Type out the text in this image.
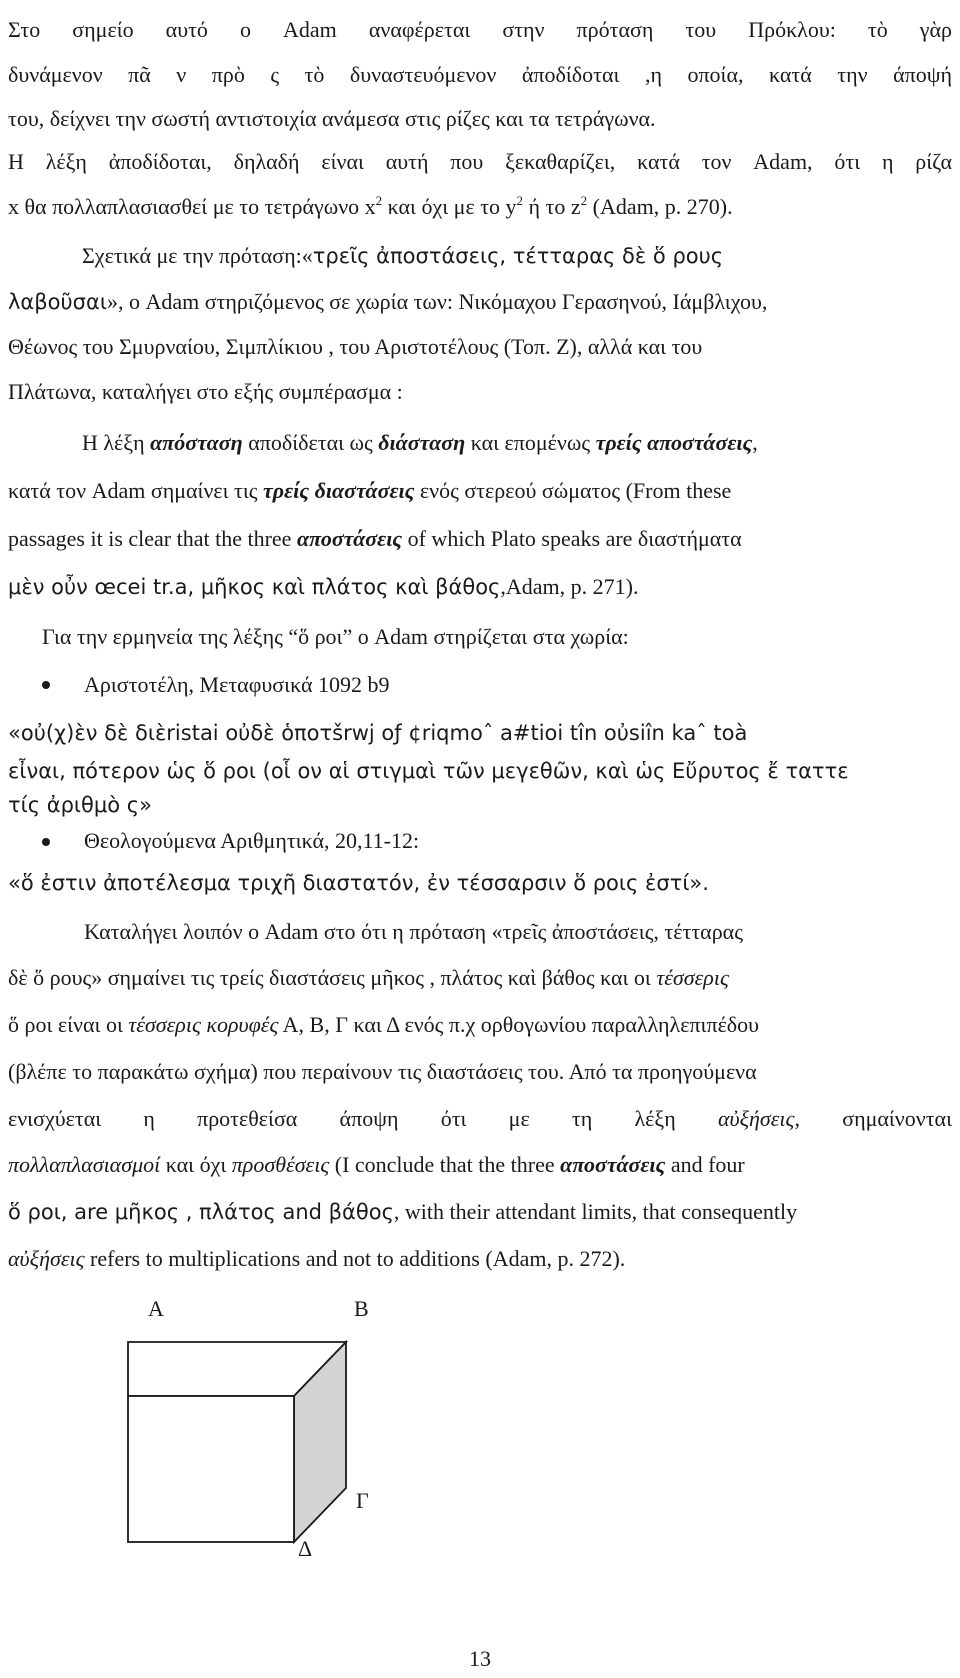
Στο σημείο αυτό ο Adam αναφέρεται στην πρόταση του Πρόκλου: τὸ γὰρ
δυνάμενον πᾶ ν πρὸ ς τὸ δυναστευόμενον ἀποδίδοται ,η οποία, κατά την άποψή
του, δείχνει την σωστή αντιστοιχία ανάμεσα στις ρίζες και τα τετράγωνα.
Η λέξη ἀποδίδοται, δηλαδή είναι αυτή που ξεκαθαρίζει, κατά τον Adam, ότι η ρίζα
x θα πολλαπλασιασθεί με το τετράγωνο $x^2$ και όχι με το $y^2$ ή το $z^2$ (Adam, p. 270).
Σχετικά με την πρόταση:«τρεῖς ἀποστάσεις, τέτταρας δὲ ὅ ρους
λαβοῦσαι», ο Adam στηριζόμενος σε χωρία των: Νικόμαχου Γερασηνού, Ιάμβλιχου,
Θέωνος του Σμυρναίου, Σιμπλίκιου , του Αριστοτέλους (Τοπ. Ζ), αλλά και του
Πλάτωνα, καταλήγει στο εξής συμπέρασμα :
Η λέξη απόσταση αποδίδεται ως διάσταση και επομένως τρείς αποστάσεις,
κατά τον Adam σημαίνει τις τρείς διαστάσεις ενός στερεού σώματος (From these
passages it is clear that the three αποστάσεις of which Plato speaks are διαστήματα
μὲν οὖν œcei tr.a, μῆκος καὶ πλάτος καὶ βάθος,Adam, p. 271).
Για την ερμηνεία της λέξης “ὅ ροι” ο Adam στηρίζεται στα χωρία:
Αριστοτέλη, Μεταφυσικά 1092 b9
«οὐ(χ)ὲν δὲ διὲristai oὐδὲ ὁποτšrwj oƒ ¢riqmoˆ a#tioi tîn oὐsiîn kaˆ toà
εἶναι, πότερον ὡς ὅ ροι (οἷ ον αἱ στιγμαὶ τῶν μεγεθῶν, καὶ ὡς Εὔρυτος ἔ ταττε
τίς ἀριθμὸ ς»
Θεολογούμενα Αριθμητικά, 20,11-12:
«ὅ ἐστιν ἀποτέλεσμα τριχῆ διαστατόν, ἐν τέσσαρσιν ὅ ροις ἐστί».
Καταλήγει λοιπόν ο Adam στο ότι η πρόταση «τρεῖς ἀποστάσεις, τέτταρας
δὲ ὅ ρους» σημαίνει τις τρείς διαστάσεις μῆκος , πλάτος καὶ βάθος και οι τέσσερις
ὅ ροι είναι οι τέσσερις κορυφές Α, Β, Γ και Δ ενός π.χ ορθογωνίου παραλληλεπιπέδου
(βλέπε το παρακάτω σχήμα) που περαίνουν τις διαστάσεις του. Από τα προηγούμενα
ενισχύεται η προτεθείσα άποψη ότι με τη λέξη αὐξήσεις, σημαίνονται
πολλαπλασιασμοί και όχι προσθέσεις (I conclude that the three αποστάσεις and four
ὅ ροι, are μῆκος , πλάτος and βάθος, with their attendant limits, that consequently
αὐξήσεις refers to multiplications and not to additions (Adam, p. 272).
Α	Β
Γ
Δ
13
